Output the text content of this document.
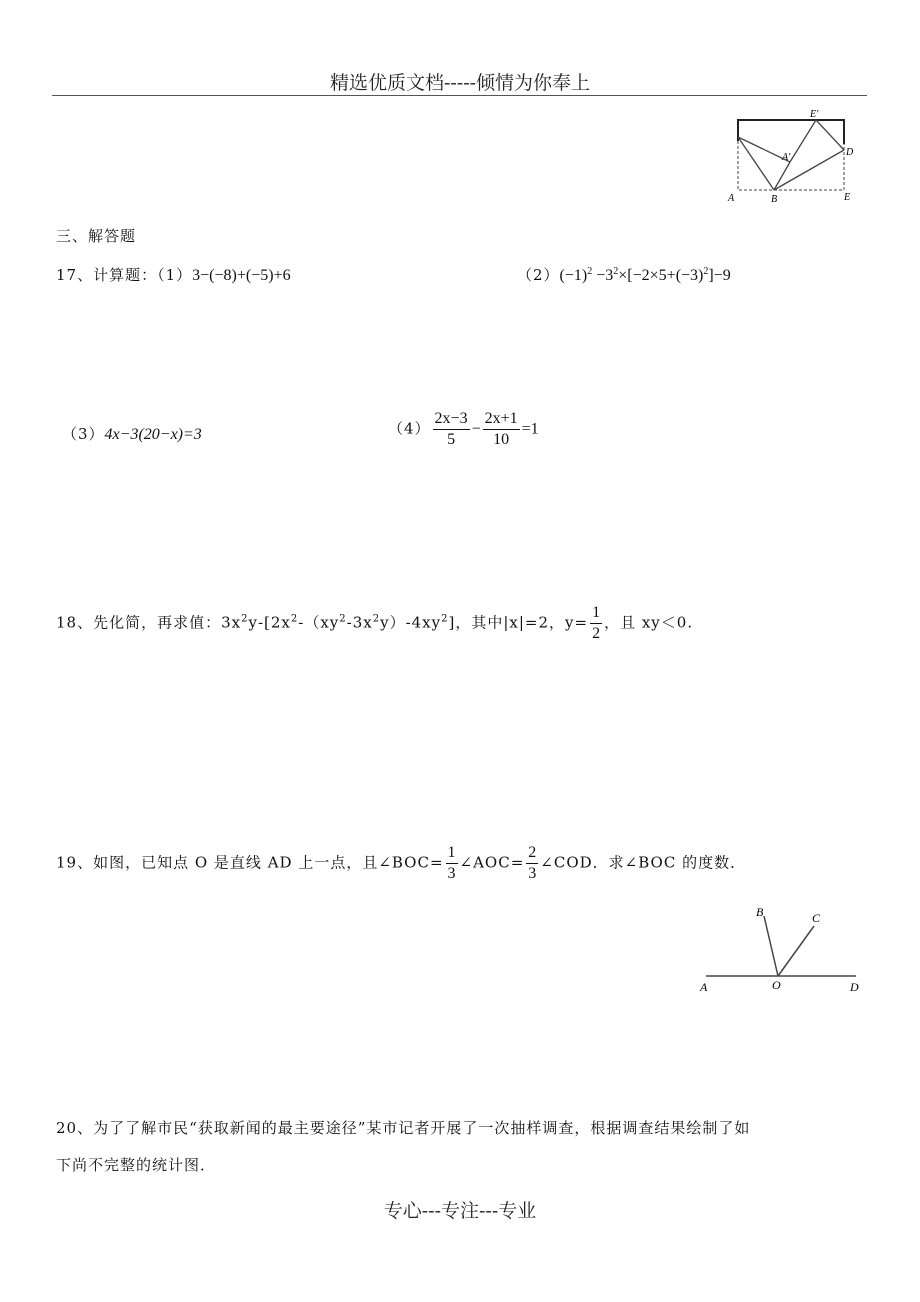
精选优质文档-----倾情为你奉上
E'
A'	D
A	B	E
三、解答题
17、计算题：（1）3−(−8)+(−5)+6	$(2)(-1)^2 -3^2\times[-2\times 5+(-3)^2]-9$
（3）4x−3(20−x)=3	$(4) \frac{2x-3}{5} - \frac{2x+1}{10} =1$
18、先化简，再求值：$3x^2y-[2x^2-(xy^2-3x^2y)-4xy^2]$，其中|x|=2，$y= \frac{1}{2}$ ，且 xy＜0.
19、如图，已知点 O 是直线 AD 上一点，且∠BOC= $\frac{1}{3}$ ∠AOC= $\frac{2}{3}$ ∠COD．求∠BOC 的度数．
B	C
A	O	D
20、为了了解市民“获取新闻的最主要途径”某市记者开展了一次抽样调查，根据调查结果绘制了如
下尚不完整的统计图．
专心---专注---专业
